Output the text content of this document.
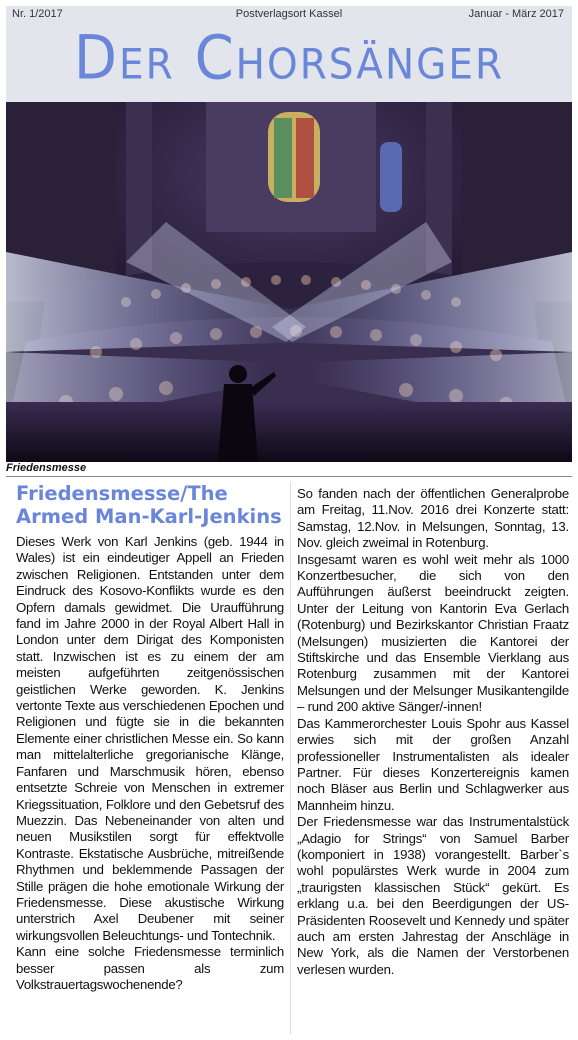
Nr. 1/2017	Postverlagsort Kassel	Januar - März 2017
Der Chorsänger
Friedensmesse
Friedensmesse/The Armed Man-Karl-Jenkins

Dieses Werk von Karl Jenkins (geb. 1944 in Wales) ist ein eindeutiger Appell an Frieden zwischen Religionen. Entstanden unter dem Eindruck des Kosovo-Konflikts wurde es den Opfern damals gewidmet. Die Uraufführung fand im Jahre 2000 in der Royal Albert Hall in London unter dem Dirigat des Komponisten statt. Inzwischen ist es zu einem der am meisten aufgeführten zeitgenössischen geistlichen Werke geworden. K. Jenkins vertonte Texte aus verschiedenen Epochen und Religionen und fügte sie in die bekannten Elemente einer christlichen Messe ein. So kann man mittelalterliche gregorianische Klänge, Fanfaren und Marschmusik hören, ebenso entsetzte Schreie von Menschen in extremer Kriegssituation, Folklore und den Gebetsruf des Muezzin. Das Nebeneinander von alten und neuen Musikstilen sorgt für effektvolle Kontraste. Ekstatische Ausbrüche, mitreißende Rhythmen und beklemmende Passagen der Stille prägen die hohe emotionale Wirkung der Friedensmesse. Diese akustische Wirkung unterstrich Axel Deubener mit seiner wirkungsvollen Beleuchtungs- und Tontechnik.

Kann eine solche Friedensmesse terminlich besser passen als zum Volkstrauertagswochenende?

So fanden nach der öffentlichen Generalprobe am Freitag, 11.Nov. 2016 drei Konzerte statt: Samstag, 12.Nov. in Melsungen, Sonntag, 13. Nov. gleich zweimal in Rotenburg.

Insgesamt waren es wohl weit mehr als 1000 Konzertbesucher, die sich von den Aufführungen äußerst beeindruckt zeigten. Unter der Leitung von Kantorin Eva Gerlach (Rotenburg) und Bezirkskantor Christian Fraatz (Melsungen) musizierten die Kantorei der Stiftskirche und das Ensemble Vierklang aus Rotenburg zusammen mit der Kantorei Melsungen und der Melsunger Musikantengilde – rund 200 aktive Sänger/-innen!

Das Kammerorchester Louis Spohr aus Kassel erwies sich mit der großen Anzahl professioneller Instrumentalisten als idealer Partner. Für dieses Konzertereignis kamen noch Bläser aus Berlin und Schlagwerker aus Mannheim hinzu.

Der Friedensmesse war das Instrumentalstück „Adagio for Strings“ von Samuel Barber (komponiert in 1938) vorangestellt. Barber`s wohl populärstes Werk wurde in 2004 zum „traurigsten klassischen Stück“ gekürt. Es erklang u.a. bei den Beerdigungen der US-Präsidenten Roosevelt und Kennedy und später auch am ersten Jahrestag der Anschläge in New York, als die Namen der Verstorbenen verlesen wurden.
